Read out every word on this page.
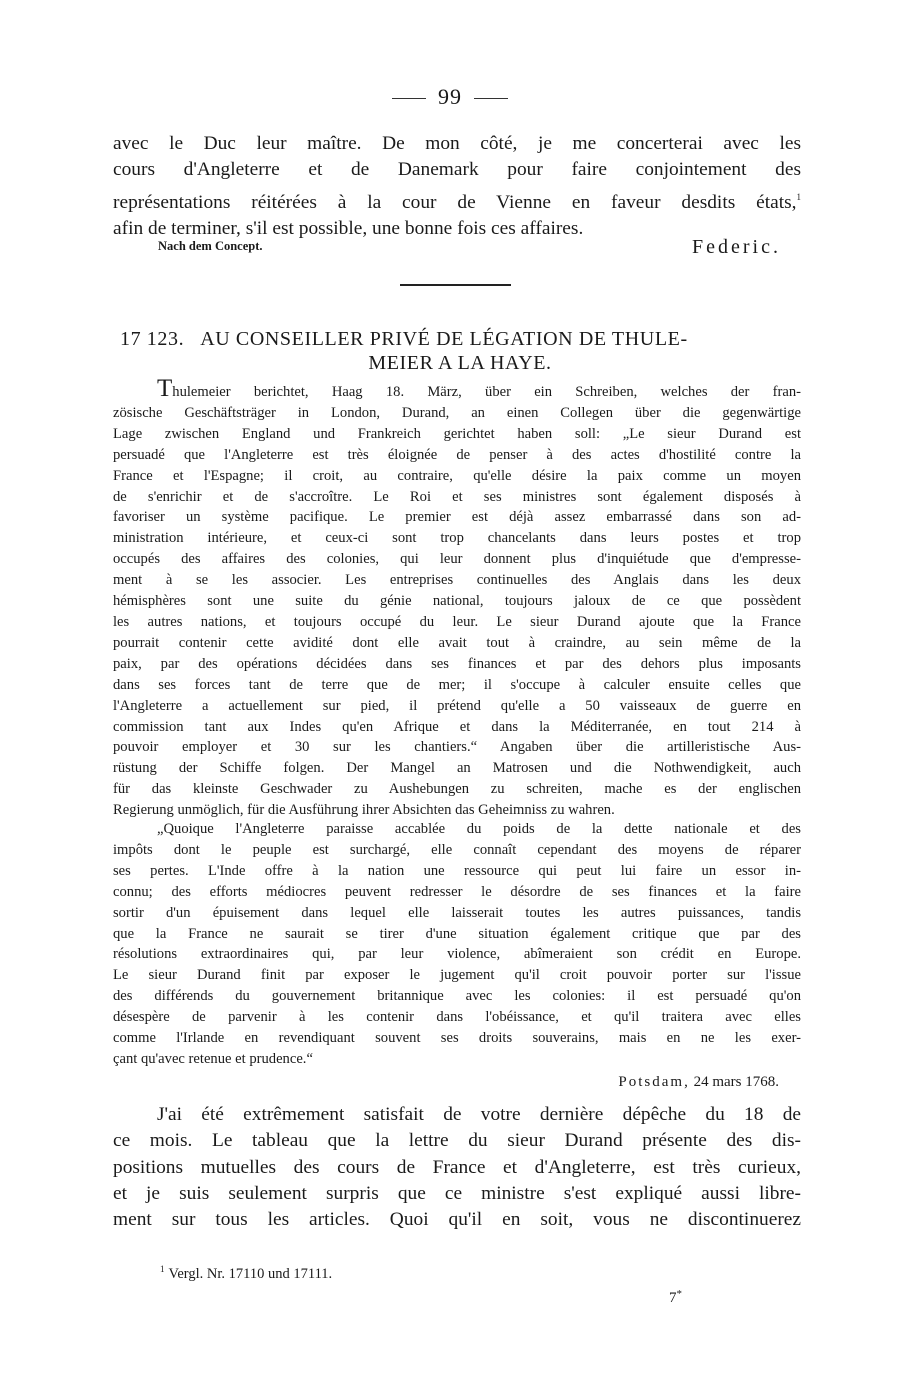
99
avec le Duc leur maître. De mon côté, je me concerterai avec les
cours d'Angleterre et de Danemark pour faire conjointement des
représentations réitérées à la cour de Vienne en faveur desdits états,$^1$
afin de terminer, s'il est possible, une bonne fois ces affaires.
Nach dem Concept.	Federic.
17 123. AU CONSEILLER PRIVÉ DE LÉGATION DE THULE-
MEIER A LA HAYE.
Thulemeier berichtet, Haag 18. März, über ein Schreiben, welches der fran-
zösische Geschäftsträger in London, Durand, an einen Collegen über die gegenwärtige
Lage zwischen England und Frankreich gerichtet haben soll: „Le sieur Durand est
persuadé que l'Angleterre est très éloignée de penser à des actes d'hostilité contre la
France et l'Espagne; il croit, au contraire, qu'elle désire la paix comme un moyen
de s'enrichir et de s'accroître. Le Roi et ses ministres sont également disposés à
favoriser un système pacifique. Le premier est déjà assez embarrassé dans son ad-
ministration intérieure, et ceux-ci sont trop chancelants dans leurs postes et trop
occupés des affaires des colonies, qui leur donnent plus d'inquiétude que d'empresse-
ment à se les associer. Les entreprises continuelles des Anglais dans les deux
hémisphères sont une suite du génie national, toujours jaloux de ce que possèdent
les autres nations, et toujours occupé du leur. Le sieur Durand ajoute que la France
pourrait contenir cette avidité dont elle avait tout à craindre, au sein même de la
paix, par des opérations décidées dans ses finances et par des dehors plus imposants
dans ses forces tant de terre que de mer; il s'occupe à calculer ensuite celles que
l'Angleterre a actuellement sur pied, il prétend qu'elle a 50 vaisseaux de guerre en
commission tant aux Indes qu'en Afrique et dans la Méditerranée, en tout 214 à
pouvoir employer et 30 sur les chantiers.“ Angaben über die artilleristische Aus-
rüstung der Schiffe folgen. Der Mangel an Matrosen und die Nothwendigkeit, auch
für das kleinste Geschwader zu Aushebungen zu schreiten, mache es der englischen
Regierung unmöglich, für die Ausführung ihrer Absichten das Geheimniss zu wahren.
„Quoique l'Angleterre paraisse accablée du poids de la dette nationale et des
impôts dont le peuple est surchargé, elle connaît cependant des moyens de réparer
ses pertes. L'Inde offre à la nation une ressource qui peut lui faire un essor in-
connu; des efforts médiocres peuvent redresser le désordre de ses finances et la faire
sortir d'un épuisement dans lequel elle laisserait toutes les autres puissances, tandis
que la France ne saurait se tirer d'une situation également critique que par des
résolutions extraordinaires qui, par leur violence, abîmeraient son crédit en Europe.
Le sieur Durand finit par exposer le jugement qu'il croit pouvoir porter sur l'issue
des différends du gouvernement britannique avec les colonies: il est persuadé qu'on
désespère de parvenir à les contenir dans l'obéissance, et qu'il traitera avec elles
comme l'Irlande en revendiquant souvent ses droits souverains, mais en ne les exer-
çant qu'avec retenue et prudence.“
Potsdam, 24 mars 1768.
J'ai été extrêmement satisfait de votre dernière dépêche du 18 de
ce mois. Le tableau que la lettre du sieur Durand présente des dis-
positions mutuelles des cours de France et d'Angleterre, est très curieux,
et je suis seulement surpris que ce ministre s'est expliqué aussi libre-
ment sur tous les articles. Quoi qu'il en soit, vous ne discontinuerez
$^1$ Vergl. Nr. 17110 und 17111.
7*
